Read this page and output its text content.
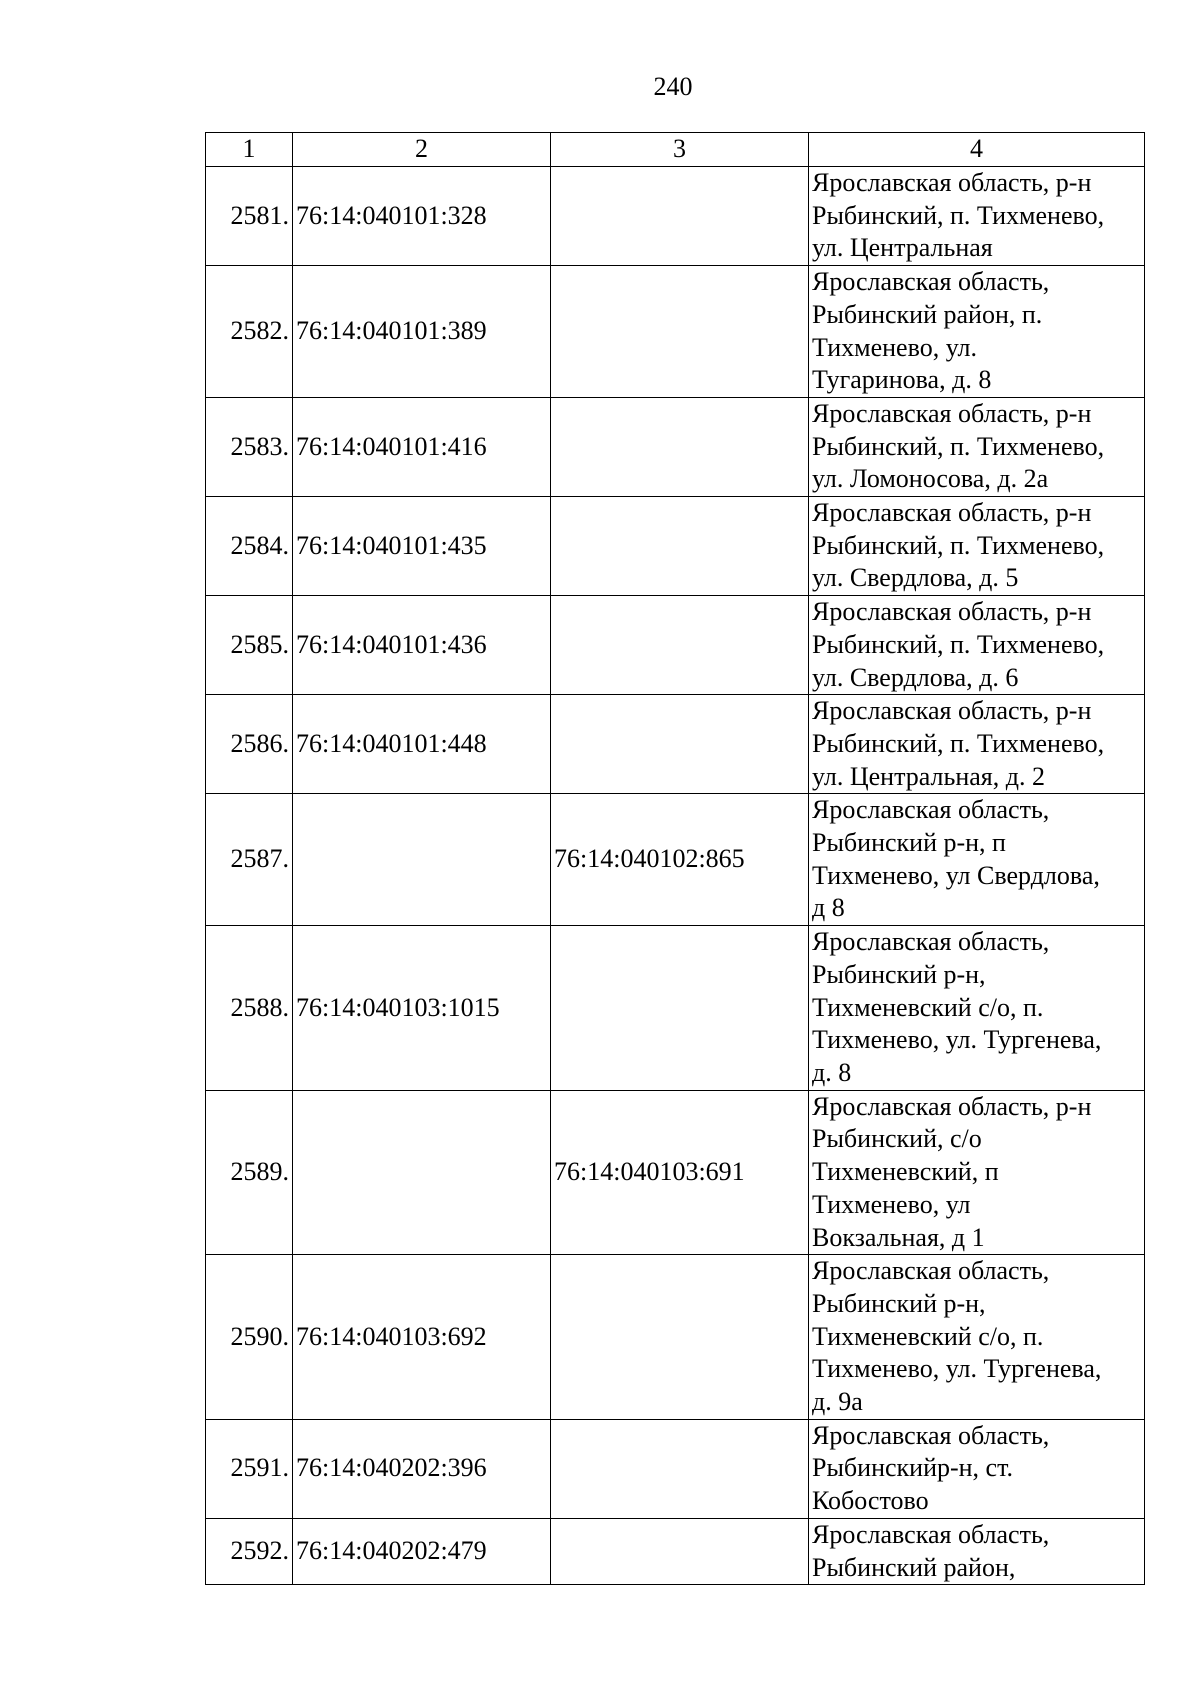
240
1	2	3	4
2581.	76:14:040101:328		Ярославская область, р-н
Рыбинский, п. Тихменево,
ул. Центральная
2582.	76:14:040101:389		Ярославская область,
Рыбинский район, п.
Тихменево, ул.
Тугаринова, д. 8
2583.	76:14:040101:416		Ярославская область, р-н
Рыбинский, п. Тихменево,
ул. Ломоносова, д. 2а
2584.	76:14:040101:435		Ярославская область, р-н
Рыбинский, п. Тихменево,
ул. Свердлова, д. 5
2585.	76:14:040101:436		Ярославская область, р-н
Рыбинский, п. Тихменево,
ул. Свердлова, д. 6
2586.	76:14:040101:448		Ярославская область, р-н
Рыбинский, п. Тихменево,
ул. Центральная, д. 2
2587.		76:14:040102:865	Ярославская область,
Рыбинский р-н, п
Тихменево, ул Свердлова,
д 8
2588.	76:14:040103:1015		Ярославская область,
Рыбинский р-н,
Тихменевский с/о, п.
Тихменево, ул. Тургенева,
д. 8
2589.		76:14:040103:691	Ярославская область, р-н
Рыбинский, с/о
Тихменевский, п
Тихменево, ул
Вокзальная, д 1
2590.	76:14:040103:692		Ярославская область,
Рыбинский р-н,
Тихменевский с/о, п.
Тихменево, ул. Тургенева,
д. 9а
2591.	76:14:040202:396		Ярославская область,
Рыбинскийр-н, ст.
Кобостово
2592.	76:14:040202:479		Ярославская область,
Рыбинский район,
